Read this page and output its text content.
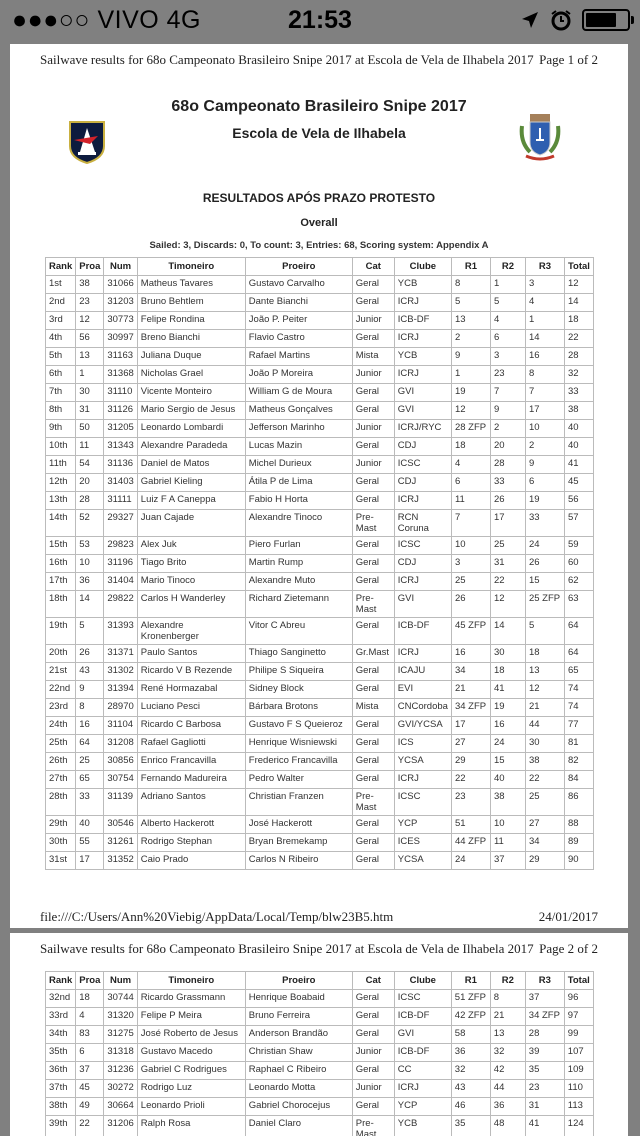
●●●○○ VIVO 4G	21:53
Sailwave results for 68o Campeonato Brasileiro Snipe 2017 at Escola de Vela de Ilhabela 2017 Page 1 of 2
68o Campeonato Brasileiro Snipe 2017
Escola de Vela de Ilhabela
RESULTADOS APÓS PRAZO PROTESTO
Overall
Sailed: 3, Discards: 0, To count: 3, Entries: 68, Scoring system: Appendix A
Rank	Proa	Num	Timoneiro	Proeiro	Cat	Clube	R1	R2	R3	Total
1st	38	31066	Matheus Tavares	Gustavo Carvalho	Geral	YCB	8	1	3	12
2nd	23	31203	Bruno Behtlem	Dante Bianchi	Geral	ICRJ	5	5	4	14
3rd	12	30773	Felipe Rondina	João P. Peiter	Junior	ICB-DF	13	4	1	18
4th	56	30997	Breno Bianchi	Flavio Castro	Geral	ICRJ	2	6	14	22
5th	13	31163	Juliana Duque	Rafael Martins	Mista	YCB	9	3	16	28
6th	1	31368	Nicholas Grael	João P Moreira	Junior	ICRJ	1	23	8	32
7th	30	31110	Vicente Monteiro	William G de Moura	Geral	GVI	19	7	7	33
8th	31	31126	Mario Sergio de Jesus	Matheus Gonçalves	Geral	GVI	12	9	17	38
9th	50	31205	Leonardo Lombardi	Jefferson Marinho	Junior	ICRJ/RYC	28 ZFP	2	10	40
10th	11	31343	Alexandre Paradeda	Lucas Mazin	Geral	CDJ	18	20	2	40
11th	54	31136	Daniel de Matos	Michel Durieux	Junior	ICSC	4	28	9	41
12th	20	31403	Gabriel Kieling	Átila P de Lima	Geral	CDJ	6	33	6	45
13th	28	31111	Luiz F A Caneppa	Fabio H Horta	Geral	ICRJ	11	26	19	56
14th	52	29327	Juan Cajade	Alexandre Tinoco	Pre-Mast	RCN Coruna	7	17	33	57
15th	53	29823	Alex Juk	Piero Furlan	Geral	ICSC	10	25	24	59
16th	10	31196	Tiago Brito	Martin Rump	Geral	CDJ	3	31	26	60
17th	36	31404	Mario Tinoco	Alexandre Muto	Geral	ICRJ	25	22	15	62
18th	14	29822	Carlos H Wanderley	Richard Zietemann	Pre-Mast	GVI	26	12	25 ZFP	63
19th	5	31393	Alexandre Kronenberger	Vitor C Abreu	Geral	ICB-DF	45 ZFP	14	5	64
20th	26	31371	Paulo Santos	Thiago Sanginetto	Gr.Mast	ICRJ	16	30	18	64
21st	43	31302	Ricardo V B Rezende	Philipe S Siqueira	Geral	ICAJU	34	18	13	65
22nd	9	31394	René Hormazabal	Sidney Block	Geral	EVI	21	41	12	74
23rd	8	28970	Luciano Pesci	Bárbara Brotons	Mista	CNCordoba	34 ZFP	19	21	74
24th	16	31104	Ricardo C Barbosa	Gustavo F S Queieroz	Geral	GVI/YCSA	17	16	44	77
25th	64	31208	Rafael Gagliotti	Henrique Wisniewski	Geral	ICS	27	24	30	81
26th	25	30856	Enrico Francavilla	Frederico Francavilla	Geral	YCSA	29	15	38	82
27th	65	30754	Fernando Madureira	Pedro Walter	Geral	ICRJ	22	40	22	84
28th	33	31139	Adriano Santos	Christian Franzen	Pre-Mast	ICSC	23	38	25	86
29th	40	30546	Alberto Hackerott	José Hackerott	Geral	YCP	51	10	27	88
30th	55	31261	Rodrigo Stephan	Bryan Bremekamp	Geral	ICES	44 ZFP	11	34	89
31st	17	31352	Caio Prado	Carlos N Ribeiro	Geral	YCSA	24	37	29	90
file:///C:/Users/Ann%20Viebig/AppData/Local/Temp/blw23B5.htm	24/01/2017
Sailwave results for 68o Campeonato Brasileiro Snipe 2017 at Escola de Vela de Ilhabela 2017 Page 2 of 2
Rank	Proa	Num	Timoneiro	Proeiro	Cat	Clube	R1	R2	R3	Total
32nd	18	30744	Ricardo Grassmann	Henrique Boabaid	Geral	ICSC	51 ZFP	8	37	96
33rd	4	31320	Felipe P Meira	Bruno Ferreira	Geral	ICB-DF	42 ZFP	21	34 ZFP	97
34th	83	31275	José Roberto de Jesus	Anderson Brandão	Geral	GVI	58	13	28	99
35th	6	31318	Gustavo Macedo	Christian Shaw	Junior	ICB-DF	36	32	39	107
36th	37	31236	Gabriel C Rodrigues	Raphael C Ribeiro	Geral	CC	32	42	35	109
37th	45	30272	Rodrigo Luz	Leonardo Motta	Junior	ICRJ	43	44	23	110
38th	49	30664	Leonardo Prioli	Gabriel Chorocejus	Geral	YCP	46	36	31	113
39th	22	31206	Ralph Rosa	Daniel Claro	Pre-Mast	YCB	35	48	41	124
